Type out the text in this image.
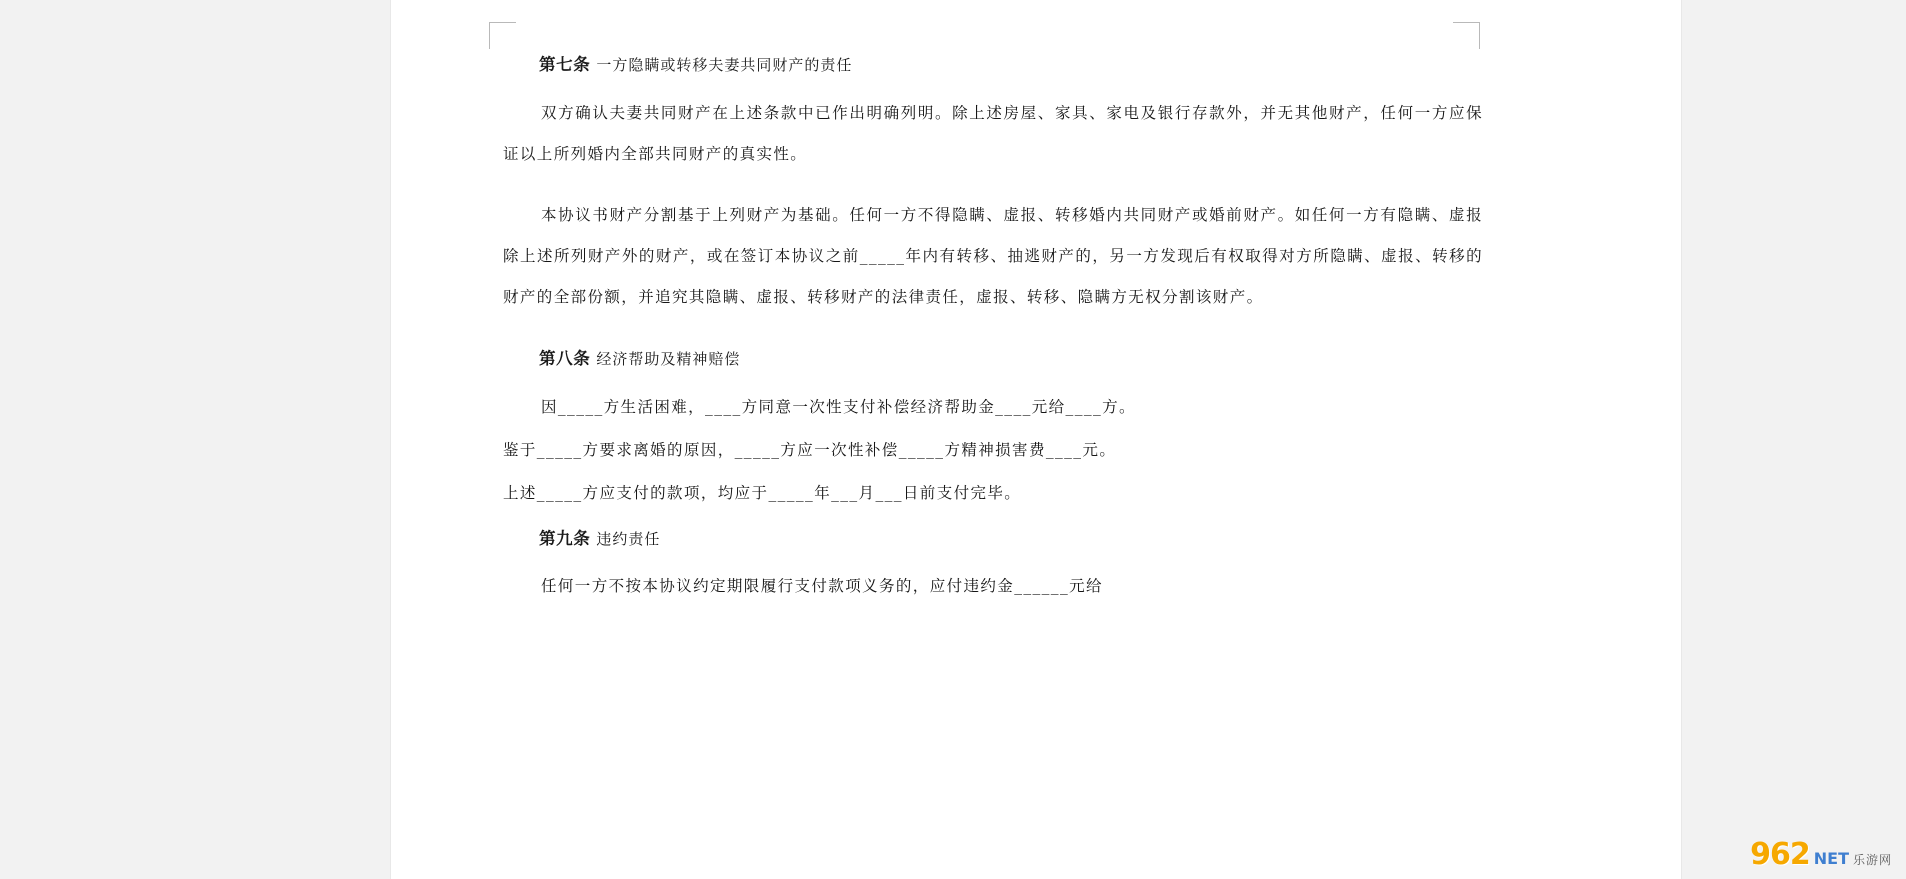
第七条 一方隐瞒或转移夫妻共同财产的责任

双方确认夫妻共同财产在上述条款中已作出明确列明。除上述房屋、家具、家电及银行存款外，并无其他财产，任何一方应保证以上所列婚内全部共同财产的真实性。

本协议书财产分割基于上列财产为基础。任何一方不得隐瞒、虚报、转移婚内共同财产或婚前财产。如任何一方有隐瞒、虚报除上述所列财产外的财产，或在签订本协议之前_____年内有转移、抽逃财产的，另一方发现后有权取得对方所隐瞒、虚报、转移的财产的全部份额，并追究其隐瞒、虚报、转移财产的法律责任，虚报、转移、隐瞒方无权分割该财产。

第八条 经济帮助及精神赔偿

因_____方生活困难，____方同意一次性支付补偿经济帮助金____元给____方。

鉴于_____方要求离婚的原因，_____方应一次性补偿_____方精神损害费____元。

上述_____方应支付的款项，均应于_____年___月___日前支付完毕。

第九条 违约责任

任何一方不按本协议约定期限履行支付款项义务的，应付违约金______元给

962 NET 乐游网
